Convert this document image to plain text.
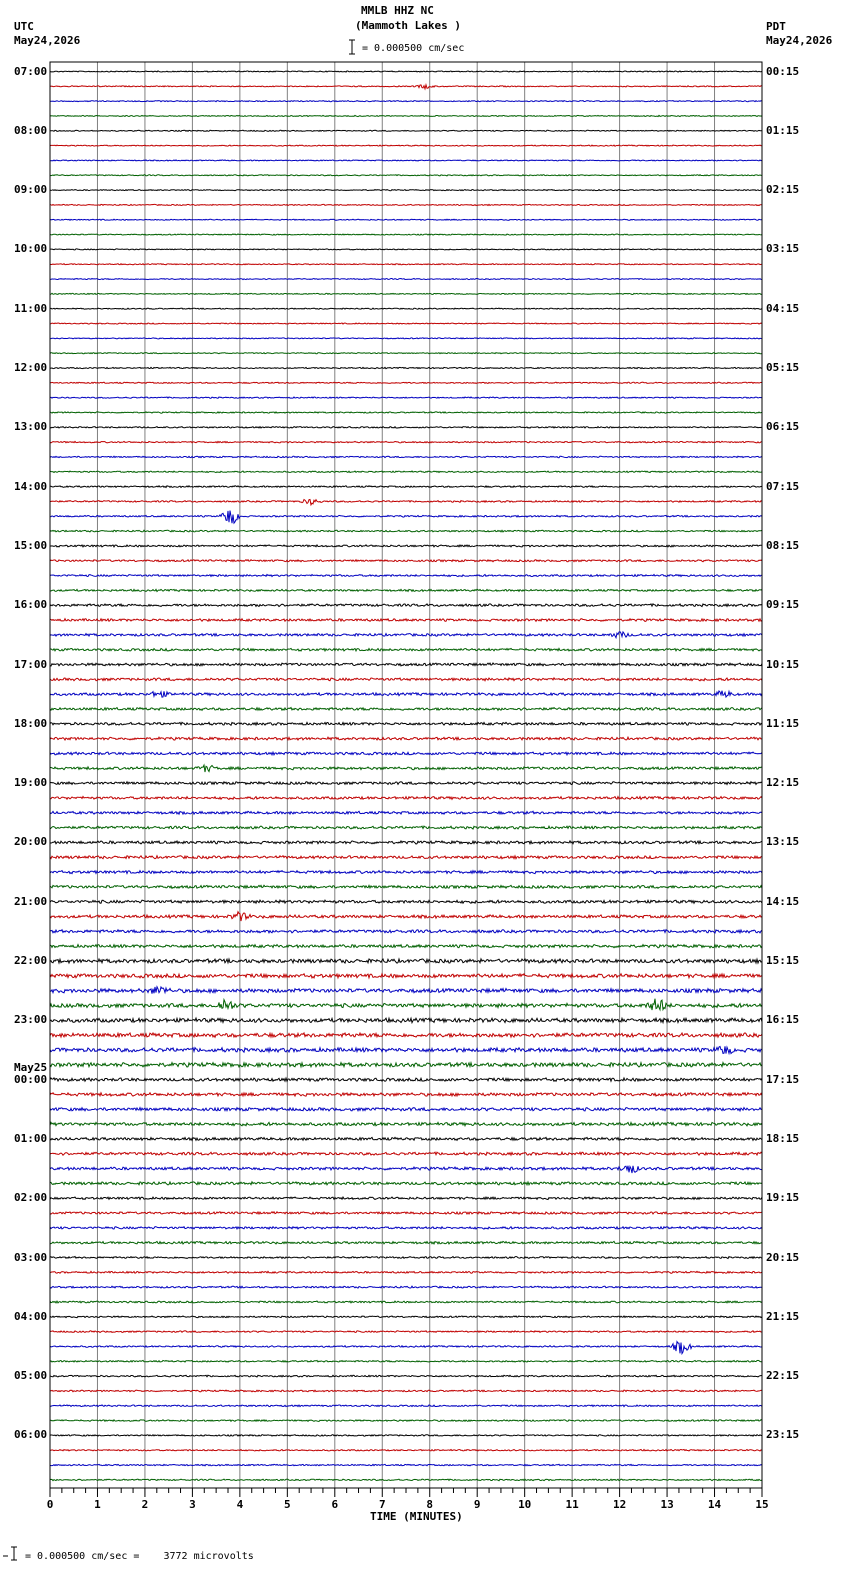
MMLB HHZ NC
(Mammoth Lakes )
UTC
May24,2026
PDT
May24,2026
= 0.000500 cm/sec
07:00
08:00
09:00
10:00
11:00
12:00
13:00
14:00
15:00
16:00
17:00
18:00
19:00
20:00
21:00
22:00
23:00
00:00
01:00
02:00
03:00
04:00
05:00
06:00
00:15
01:15
02:15
03:15
04:15
05:15
06:15
07:15
08:15
09:15
10:15
11:15
12:15
13:15
14:15
15:15
16:15
17:15
18:15
19:15
20:15
21:15
22:15
23:15
May25
0	1	2	3	4	5	6	7	8	9	10	11	12	13	14	15
TIME (MINUTES)
= 0.000500 cm/sec =    3772 microvolts
